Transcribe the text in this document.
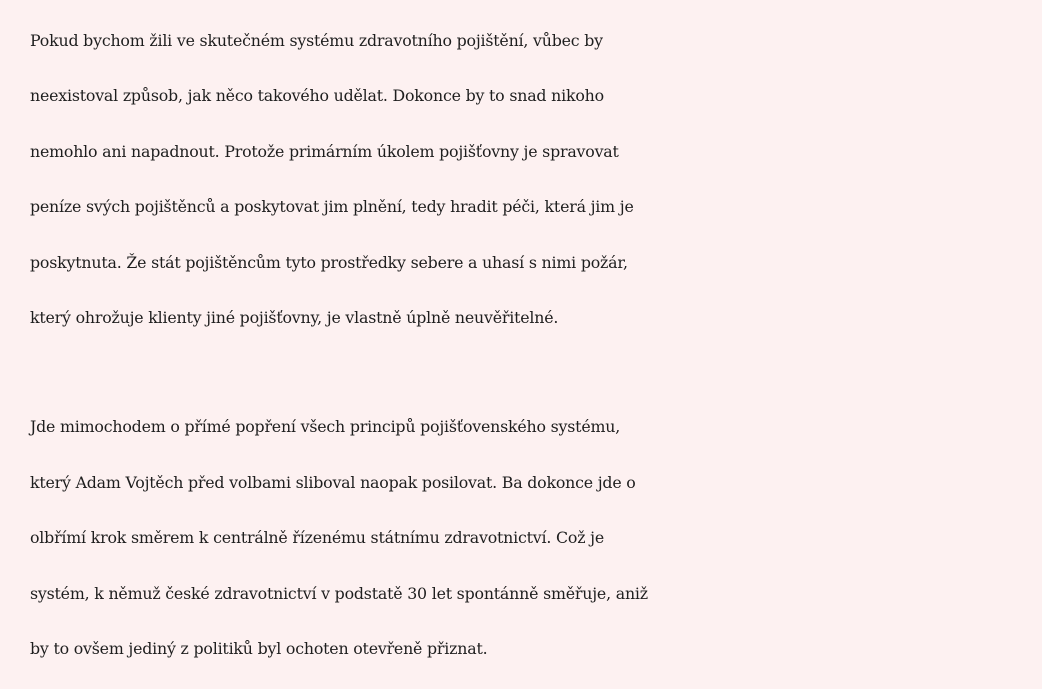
Pokud bychom žili ve skutečném systému zdravotního pojištění, vůbec by
neexistoval způsob, jak něco takového udělat. Dokonce by to snad nikoho
nemohlo ani napadnout. Protože primárním úkolem pojišťovny je spravovat
peníze svých pojištěnců a poskytovat jim plnění, tedy hradit péči, která jim je
poskytnuta. Že stát pojištěncům tyto prostředky sebere a uhasí s nimi požár,
který ohrožuje klienty jiné pojišťovny, je vlastně úplně neuvěřitelné.

Jde mimochodem o přímé popření všech principů pojišťovenského systému,
který Adam Vojtěch před volbami sliboval naopak posilovat. Ba dokonce jde o
olbřímí krok směrem k centrálně řízenému státnímu zdravotnictví. Což je
systém, k němuž české zdravotnictví v podstatě 30 let spontánně směřuje, aniž
by to ovšem jediný z politiků byl ochoten otevřeně přiznat.
